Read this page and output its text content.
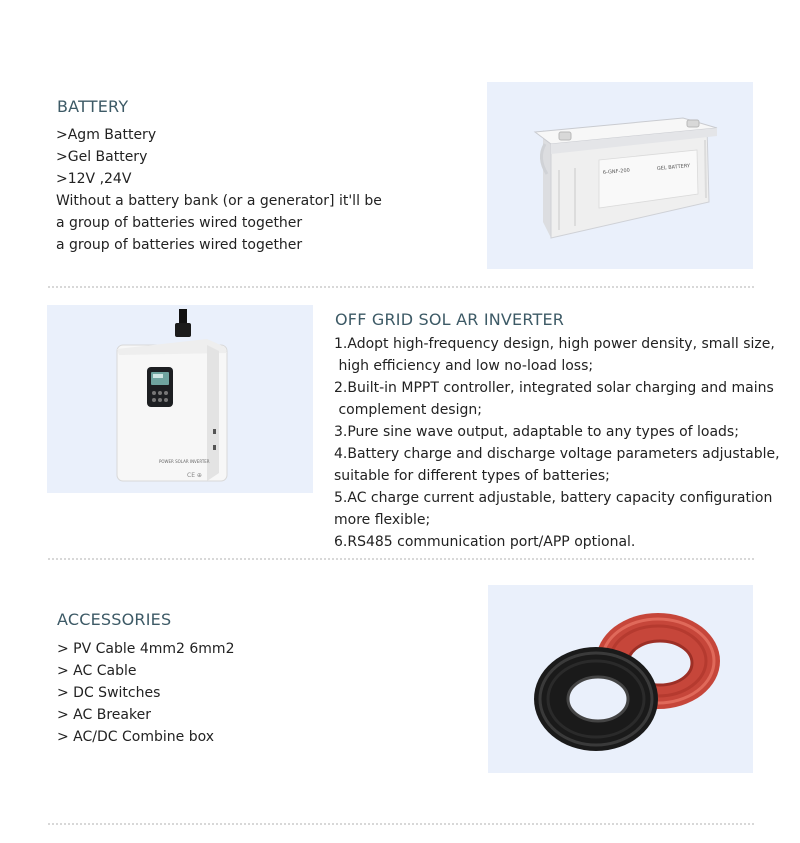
BATTERY
>Agm Battery
>Gel Battery
>12V ,24V
Without a battery bank (or a generator] it'll be
a group of batteries wired together
a group of batteries wired together
6-GNF-200	GEL BATTERY
POWER SOLAR INVERTER
CE ⊕
OFF GRID SOL AR INVERTER
1.Adopt high-frequency design, high power density, small size,
high efficiency and low no-load loss;
2.Built-in MPPT controller, integrated solar charging and mains
complement design;
3.Pure sine wave output, adaptable to any types of loads;
4.Battery charge and discharge voltage parameters adjustable,
suitable for different types of batteries;
5.AC charge current adjustable, battery capacity configuration
more flexible;
6.RS485 communication port/APP optional.
ACCESSORIES
> PV Cable 4mm2 6mm2
> AC Cable
> DC Switches
> AC Breaker
> AC/DC Combine box
